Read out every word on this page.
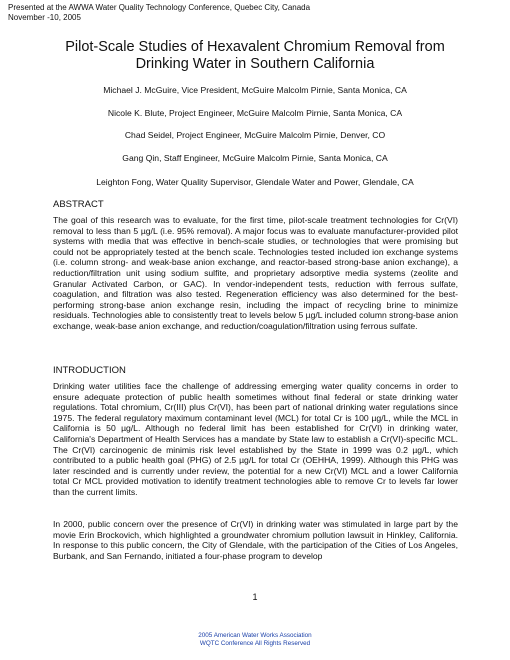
Presented at the AWWA Water Quality Technology Conference, Quebec City, Canada
November -10, 2005
Pilot-Scale Studies of Hexavalent Chromium Removal from
Drinking Water in Southern California
Michael J. McGuire, Vice President, McGuire Malcolm Pirnie, Santa Monica, CA
Nicole K. Blute, Project Engineer, McGuire Malcolm Pirnie, Santa Monica, CA
Chad Seidel, Project Engineer, McGuire Malcolm Pirnie, Denver, CO
Gang Qin, Staff Engineer, McGuire Malcolm Pirnie, Santa Monica, CA
Leighton Fong, Water Quality Supervisor, Glendale Water and Power, Glendale, CA
ABSTRACT
The goal of this research was to evaluate, for the first time, pilot-scale treatment technologies for Cr(VI) removal to less than 5 µg/L (i.e. 95% removal). A major focus was to evaluate manufacturer-provided pilot systems with media that was effective in bench-scale studies, or technologies that were promising but could not be appropriately tested at the bench scale. Technologies tested included ion exchange systems (i.e. column strong- and weak-base anion exchange, and reactor-based strong-base anion exchange), a reduction/filtration unit using sodium sulfite, and proprietary adsorptive media systems (zeolite and Granular Activated Carbon, or GAC). In vendor-independent tests, reduction with ferrous sulfate, coagulation, and filtration was also tested. Regeneration efficiency was also determined for the best-performing strong-base anion exchange resin, including the impact of recycling brine to minimize residuals. Technologies able to consistently treat to levels below 5 µg/L included column strong-base anion exchange, weak-base anion exchange, and reduction/coagulation/filtration using ferrous sulfate.
INTRODUCTION
Drinking water utilities face the challenge of addressing emerging water quality concerns in order to ensure adequate protection of public health sometimes without final federal or state drinking water regulations. Total chromium, Cr(III) plus Cr(VI), has been part of national drinking water regulations since 1975. The federal regulatory maximum contaminant level (MCL) for total Cr is 100 µg/L, while the MCL in California is 50 µg/L. Although no federal limit has been established for Cr(VI) in drinking water, California's Department of Health Services has a mandate by State law to establish a Cr(VI)-specific MCL. The Cr(VI) carcinogenic de minimis risk level established by the State in 1999 was 0.2 µg/L, which contributed to a public health goal (PHG) of 2.5 µg/L for total Cr (OEHHA, 1999). Although this PHG was later rescinded and is currently under review, the potential for a new Cr(VI) MCL and a lower California total Cr MCL provided motivation to identify treatment technologies able to remove Cr to levels far lower than the current limits.
In 2000, public concern over the presence of Cr(VI) in drinking water was stimulated in large part by the movie Erin Brockovich, which highlighted a groundwater chromium pollution lawsuit in Hinkley, California. In response to this public concern, the City of Glendale, with the participation of the Cities of Los Angeles, Burbank, and San Fernando, initiated a four-phase program to develop
1
2005 American Water Works Association
WQTC Conference All Rights Reserved
